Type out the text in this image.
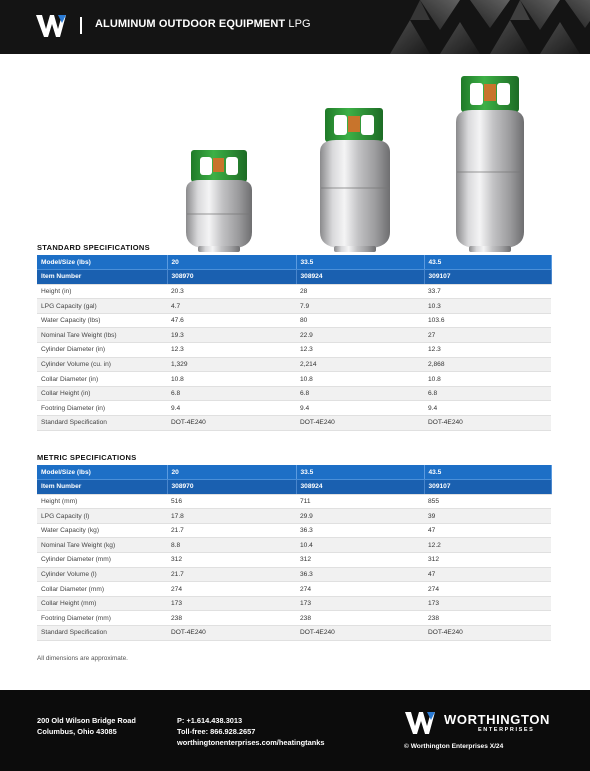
ALUMINUM OUTDOOR EQUIPMENT LPG
STANDARD SPECIFICATIONS
Model/Size (lbs)	20	33.5	43.5
Item Number	308970	308924	309107
Height (in)	20.3	28	33.7
LPG Capacity (gal)	4.7	7.9	10.3
Water Capacity (lbs)	47.6	80	103.6
Nominal Tare Weight (lbs)	19.3	22.9	27
Cylinder Diameter (in)	12.3	12.3	12.3
Cylinder Volume (cu. in)	1,329	2,214	2,868
Collar Diameter (in)	10.8	10.8	10.8
Collar Height (in)	6.8	6.8	6.8
Footring Diameter (in)	9.4	9.4	9.4
Standard Specification	DOT-4E240	DOT-4E240	DOT-4E240
METRIC SPECIFICATIONS
Model/Size (lbs)	20	33.5	43.5
Item Number	308970	308924	309107
Height (mm)	516	711	855
LPG Capacity (l)	17.8	29.9	39
Water Capacity (kg)	21.7	36.3	47
Nominal Tare Weight (kg)	8.8	10.4	12.2
Cylinder Diameter (mm)	312	312	312
Cylinder Volume (l)	21.7	36.3	47
Collar Diameter (mm)	274	274	274
Collar Height (mm)	173	173	173
Footring Diameter (mm)	238	238	238
Standard Specification	DOT-4E240	DOT-4E240	DOT-4E240
All dimensions are approximate.
200 Old Wilson Bridge Road
Columbus, Ohio 43085
P: +1.614.438.3013
Toll-free: 866.928.2657
worthingtonenterprises.com/heatingtanks
WORTHINGTON
ENTERPRISES
© Worthington Enterprises X/24
